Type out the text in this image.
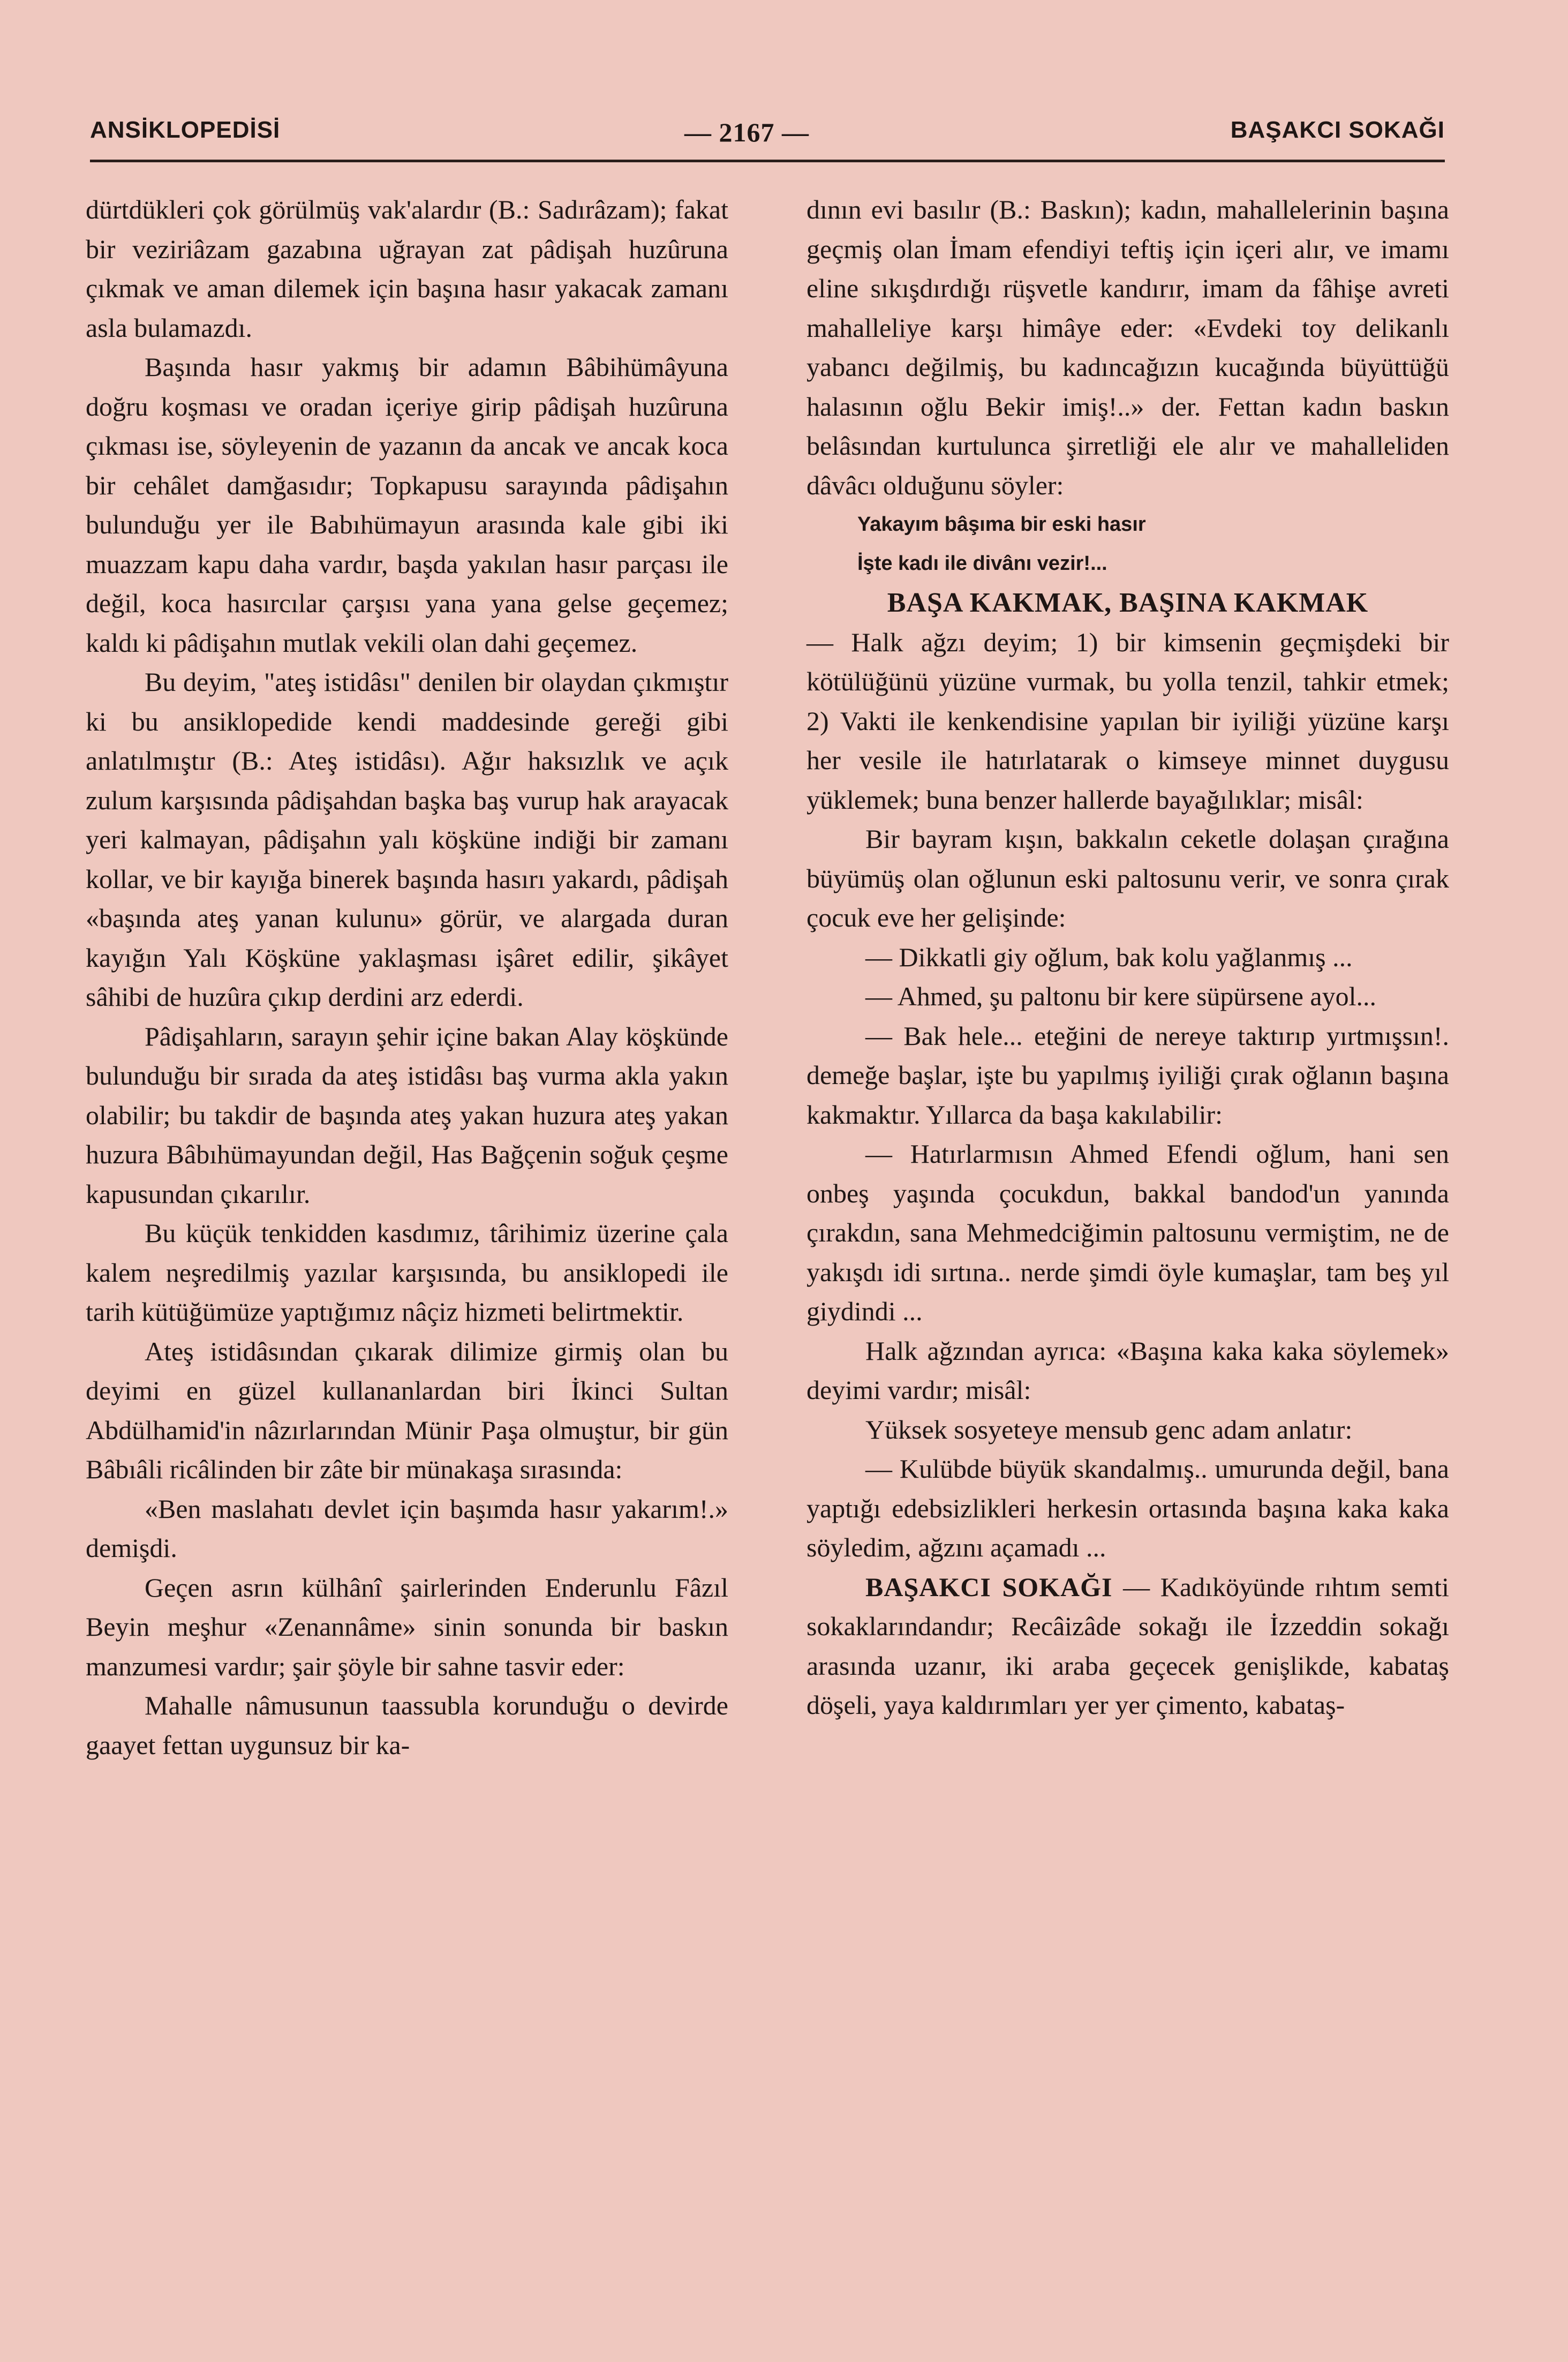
ANSİKLOPEDİSİ	— 2167 —	BAŞAKCI SOKAĞI

dürtdükleri çok görülmüş vak'alardır (B.: Sadırâzam); fakat bir veziriâzam gazabına uğrayan zat pâdişah huzûruna çıkmak ve aman dilemek için başına hasır yakacak zamanı asla bulamazdı.

Başında hasır yakmış bir adamın Bâbihümâyuna doğru koşması ve oradan içeriye girip pâdişah huzûruna çıkması ise, söyleyenin de yazanın da ancak ve ancak koca bir cehâlet damğasıdır; Topkapusu sarayında pâdişahın bulunduğu yer ile Babıhümayun arasında kale gibi iki muazzam kapu daha vardır, başda yakılan hasır parçası ile değil, koca hasırcılar çarşısı yana yana gelse geçemez; kaldı ki pâdişahın mutlak vekili olan dahi geçemez.

Bu deyim, "ateş istidâsı" denilen bir olaydan çıkmıştır ki bu ansiklopedide kendi maddesinde gereği gibi anlatılmıştır (B.: Ateş istidâsı). Ağır haksızlık ve açık zulum karşısında pâdişahdan başka baş vurup hak arayacak yeri kalmayan, pâdişahın yalı köşküne indiği bir zamanı kollar, ve bir kayığa binerek başında hasırı yakardı, pâdişah «başında ateş yanan kulunu» görür, ve alargada duran kayığın Yalı Köşküne yaklaşması işâret edilir, şikâyet sâhibi de huzûra çıkıp derdini arz ederdi.

Pâdişahların, sarayın şehir içine bakan Alay köşkünde bulunduğu bir sırada da ateş istidâsı baş vurma akla yakın olabilir; bu takdir de başında ateş yakan huzura ateş yakan huzura Bâbıhümayundan değil, Has Bağçenin soğuk çeşme kapusundan çıkarılır.

Bu küçük tenkidden kasdımız, târihimiz üzerine çala kalem neşredilmiş yazılar karşısında, bu ansiklopedi ile tarih kütüğümüze yaptığımız nâçiz hizmeti belirtmektir.

Ateş istidâsından çıkarak dilimize girmiş olan bu deyimi en güzel kullananlardan biri İkinci Sultan Abdülhamid'in nâzırlarından Münir Paşa olmuştur, bir gün Bâbıâli ricâlinden bir zâte bir münakaşa sırasında:

«Ben maslahatı devlet için başımda hasır yakarım!.» demişdi.

Geçen asrın külhânî şairlerinden Enderunlu Fâzıl Beyin meşhur «Zenannâme» sinin sonunda bir baskın manzumesi vardır; şair şöyle bir sahne tasvir eder:

Mahalle nâmusunun taassubla korunduğu o devirde gaayet fettan uygunsuz bir ka-

dının evi basılır (B.: Baskın); kadın, mahallelerinin başına geçmiş olan İmam efendiyi teftiş için içeri alır, ve imamı eline sıkışdırdığı rüşvetle kandırır, imam da fâhişe avreti mahalleliye karşı himâye eder: «Evdeki toy delikanlı yabancı değilmiş, bu kadıncağızın kucağında büyüttüğü halasının oğlu Bekir imiş!..» der. Fettan kadın baskın belâsından kurtulunca şirretliği ele alır ve mahalleliden dâvâcı olduğunu söyler:

Yakayım bâşıma bir eski hasır

İşte kadı ile divânı vezir!...

BAŞA KAKMAK, BAŞINA KAKMAK

— Halk ağzı deyim; 1) bir kimsenin geçmişdeki bir kötülüğünü yüzüne vurmak, bu yolla tenzil, tahkir etmek; 2) Vakti ile kenkendisine yapılan bir iyiliği yüzüne karşı her vesile ile hatırlatarak o kimseye minnet duygusu yüklemek; buna benzer hallerde bayağılıklar; misâl:

Bir bayram kışın, bakkalın ceketle dolaşan çırağına büyümüş olan oğlunun eski paltosunu verir, ve sonra çırak çocuk eve her gelişinde:

— Dikkatli giy oğlum, bak kolu yağlanmış ...

— Ahmed, şu paltonu bir kere süpürsene ayol...

— Bak hele... eteğini de nereye taktırıp yırtmışsın!. demeğe başlar, işte bu yapılmış iyiliği çırak oğlanın başına kakmaktır. Yıllarca da başa kakılabilir:

— Hatırlarmısın Ahmed Efendi oğlum, hani sen onbeş yaşında çocukdun, bakkal bandod'un yanında çırakdın, sana Mehmedciğimin paltosunu vermiştim, ne de yakışdı idi sırtına.. nerde şimdi öyle kumaşlar, tam beş yıl giydindi ...

Halk ağzından ayrıca: «Başına kaka kaka söylemek» deyimi vardır; misâl:

Yüksek sosyeteye mensub genc adam anlatır:

— Kulübde büyük skandalmış.. umurunda değil, bana yaptığı edebsizlikleri herkesin ortasında başına kaka kaka söyledim, ağzını açamadı ...

BAŞAKCI SOKAĞI — Kadıköyünde rıhtım semti sokaklarındandır; Recâizâde sokağı ile İzzeddin sokağı arasında uzanır, iki araba geçecek genişlikde, kabataş döşeli, yaya kaldırımları yer yer çimento, kabataş-
